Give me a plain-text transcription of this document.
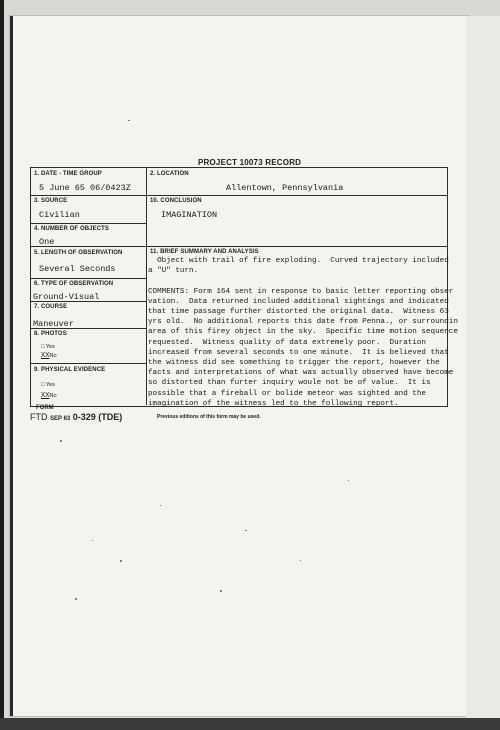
PROJECT 10073 RECORD
1. DATE - TIME GROUP
5 June 65 06/0423Z
2. LOCATION
Allentown, Pennsylvania
3. SOURCE
Civilian
10. CONCLUSION
IMAGINATION
4. NUMBER OF OBJECTS
One
5. LENGTH OF OBSERVATION
Several Seconds
6. TYPE OF OBSERVATION
Ground-Visual
7. COURSE
Maneuver
8. PHOTOS
□ Yes
XXNo
9. PHYSICAL EVIDENCE
□ Yes
XXNo
11. BRIEF SUMMARY AND ANALYSIS
Object with trail of fire exploding.  Curved trajectory included
a "U" turn.

COMMENTS: Form 164 sent in response to basic letter reporting obser
vation.  Data returned included additional sightings and indicated
that time passage further distorted the original data.  Witness 63
yrs old.  No additional reports this date from Penna., or surroundin
area of this firey object in the sky.  Specific time motion sequence
requested.  Witness quality of data extremely poor.  Duration
increased from several seconds to one minute.  It is believed that
the witness did see something to trigger the report, however the
facts and interpretations of what was actually observed have become
so distorted than furter inquiry woule not be of value.  It is
possible that a fireball or bolide meteor was sighted and the
imagination of the witness led to the following report.
FORM
FTD SEP 63 0-329 (TDE)	Previous editions of this form may be used.
